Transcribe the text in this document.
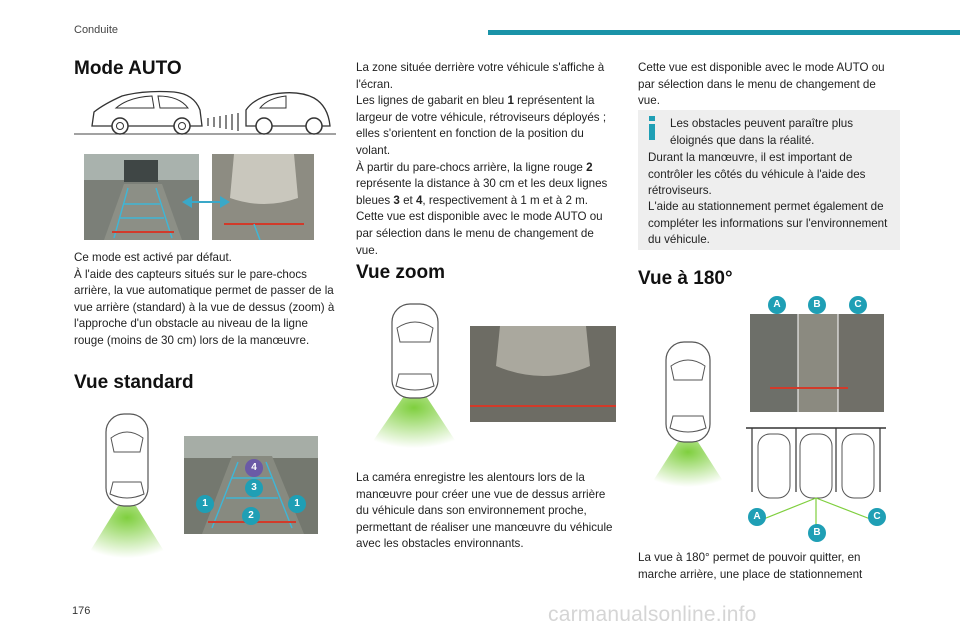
Conduite
Mode AUTO
Ce mode est activé par défaut.
À l'aide des capteurs situés sur le pare-chocs arrière, la vue automatique permet de passer de la vue arrière (standard) à la vue de dessus (zoom) à l'approche d'un obstacle au niveau de la ligne rouge (moins de 30 cm) lors de la manœuvre.
Vue standard
4
3
1	1
2

La zone située derrière votre véhicule s'affiche à l'écran.

Les lignes de gabarit en bleu 1 représentent la largeur de votre véhicule, rétroviseurs déployés ; elles s'orientent en fonction de la position du volant.

À partir du pare-chocs arrière, la ligne rouge 2 représente la distance à 30 cm et les deux lignes bleues 3 et 4, respectivement à 1 m et à 2 m.

Cette vue est disponible avec le mode AUTO ou par sélection dans le menu de changement de vue.

Vue zoom
La caméra enregistre les alentours lors de la manœuvre pour créer une vue de dessus arrière du véhicule dans son environnement proche, permettant de réaliser une manœuvre du véhicule avec les obstacles environnants.
Cette vue est disponible avec le mode AUTO ou par sélection dans le menu de changement de vue.
Les obstacles peuvent paraître plus éloignés que dans la réalité.
Durant la manœuvre, il est important de contrôler les côtés du véhicule à l'aide des rétroviseurs.
L'aide au stationnement permet également de compléter les informations sur l'environnement du véhicule.
Vue à 180°
A	B	C
A
B
C
La vue à 180° permet de pouvoir quitter, en marche arrière, une place de stationnement
176	carmanualsonline.info
